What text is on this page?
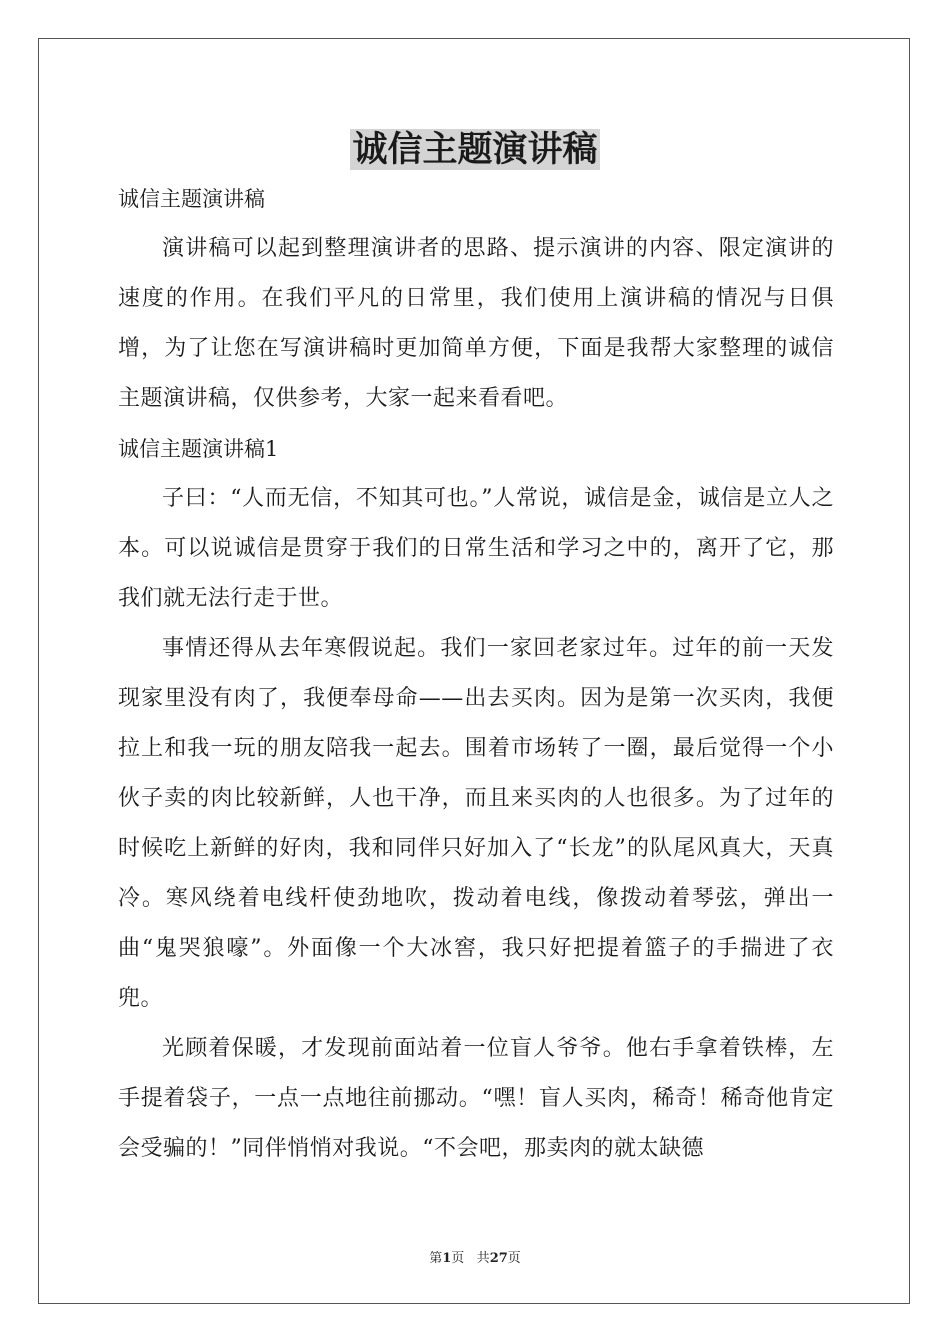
诚信主题演讲稿

诚信主题演讲稿

演讲稿可以起到整理演讲者的思路、提示演讲的内容、限定演讲的速度的作用。在我们平凡的日常里，我们使用上演讲稿的情况与日俱增，为了让您在写演讲稿时更加简单方便，下面是我帮大家整理的诚信主题演讲稿，仅供参考，大家一起来看看吧。

诚信主题演讲稿1

子曰：“人而无信，不知其可也。”人常说，诚信是金，诚信是立人之本。可以说诚信是贯穿于我们的日常生活和学习之中的，离开了它，那我们就无法行走于世。

事情还得从去年寒假说起。我们一家回老家过年。过年的前一天发现家里没有肉了，我便奉母命——出去买肉。因为是第一次买肉，我便拉上和我一玩的朋友陪我一起去。围着市场转了一圈，最后觉得一个小伙子卖的肉比较新鲜，人也干净，而且来买肉的人也很多。为了过年的时候吃上新鲜的好肉，我和同伴只好加入了“长龙”的队尾风真大，天真冷。寒风绕着电线杆使劲地吹，拨动着电线，像拨动着琴弦，弹出一曲“鬼哭狼嚎”。外面像一个大冰窖，我只好把提着篮子的手揣进了衣兜。

光顾着保暖，才发现前面站着一位盲人爷爷。他右手拿着铁棒，左手提着袋子，一点一点地往前挪动。“嘿！盲人买肉，稀奇！稀奇他肯定会受骗的！”同伴悄悄对我说。“不会吧，那卖肉的就太缺德

第1页 共27页
